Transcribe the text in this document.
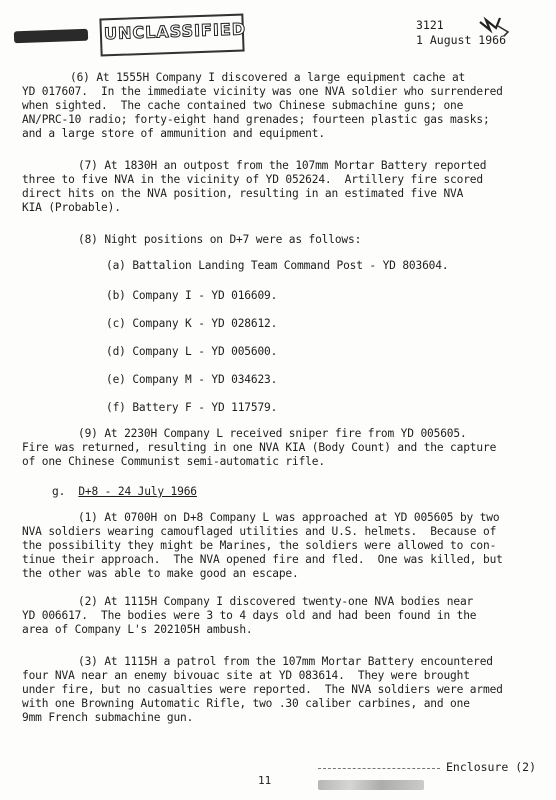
UNCLASSIFIED	3121
1 August 1966
(6) At 1555H Company I discovered a large equipment cache at
YD 017607.  In the immediate vicinity was one NVA soldier who surrendered
when sighted.  The cache contained two Chinese submachine guns; one
AN/PRC-10 radio; forty-eight hand grenades; fourteen plastic gas masks;
and a large store of ammunition and equipment.
(7) At 1830H an outpost from the 107mm Mortar Battery reported
three to five NVA in the vicinity of YD 052624.  Artillery fire scored
direct hits on the NVA position, resulting in an estimated five NVA
KIA (Probable).
(8) Night positions on D+7 were as follows:
(a) Battalion Landing Team Command Post - YD 803604.
(b) Company I - YD 016609.
(c) Company K - YD 028612.
(d) Company L - YD 005600.
(e) Company M - YD 034623.
(f) Battery F - YD 117579.
(9) At 2230H Company L received sniper fire from YD 005605.
Fire was returned, resulting in one NVA KIA (Body Count) and the capture
of one Chinese Communist semi-automatic rifle.
g.  D+8 - 24 July 1966
(1) At 0700H on D+8 Company L was approached at YD 005605 by two
NVA soldiers wearing camouflaged utilities and U.S. helmets.  Because of
the possibility they might be Marines, the soldiers were allowed to con-
tinue their approach.  The NVA opened fire and fled.  One was killed, but
the other was able to make good an escape.
(2) At 1115H Company I discovered twenty-one NVA bodies near
YD 006617.  The bodies were 3 to 4 days old and had been found in the
area of Company L's 202105H ambush.
(3) At 1115H a patrol from the 107mm Mortar Battery encountered
four NVA near an enemy bivouac site at YD 083614.  They were brought
under fire, but no casualties were reported.  The NVA soldiers were armed
with one Browning Automatic Rifle, two .30 caliber carbines, and one
9mm French submachine gun.
11
Enclosure (2)
